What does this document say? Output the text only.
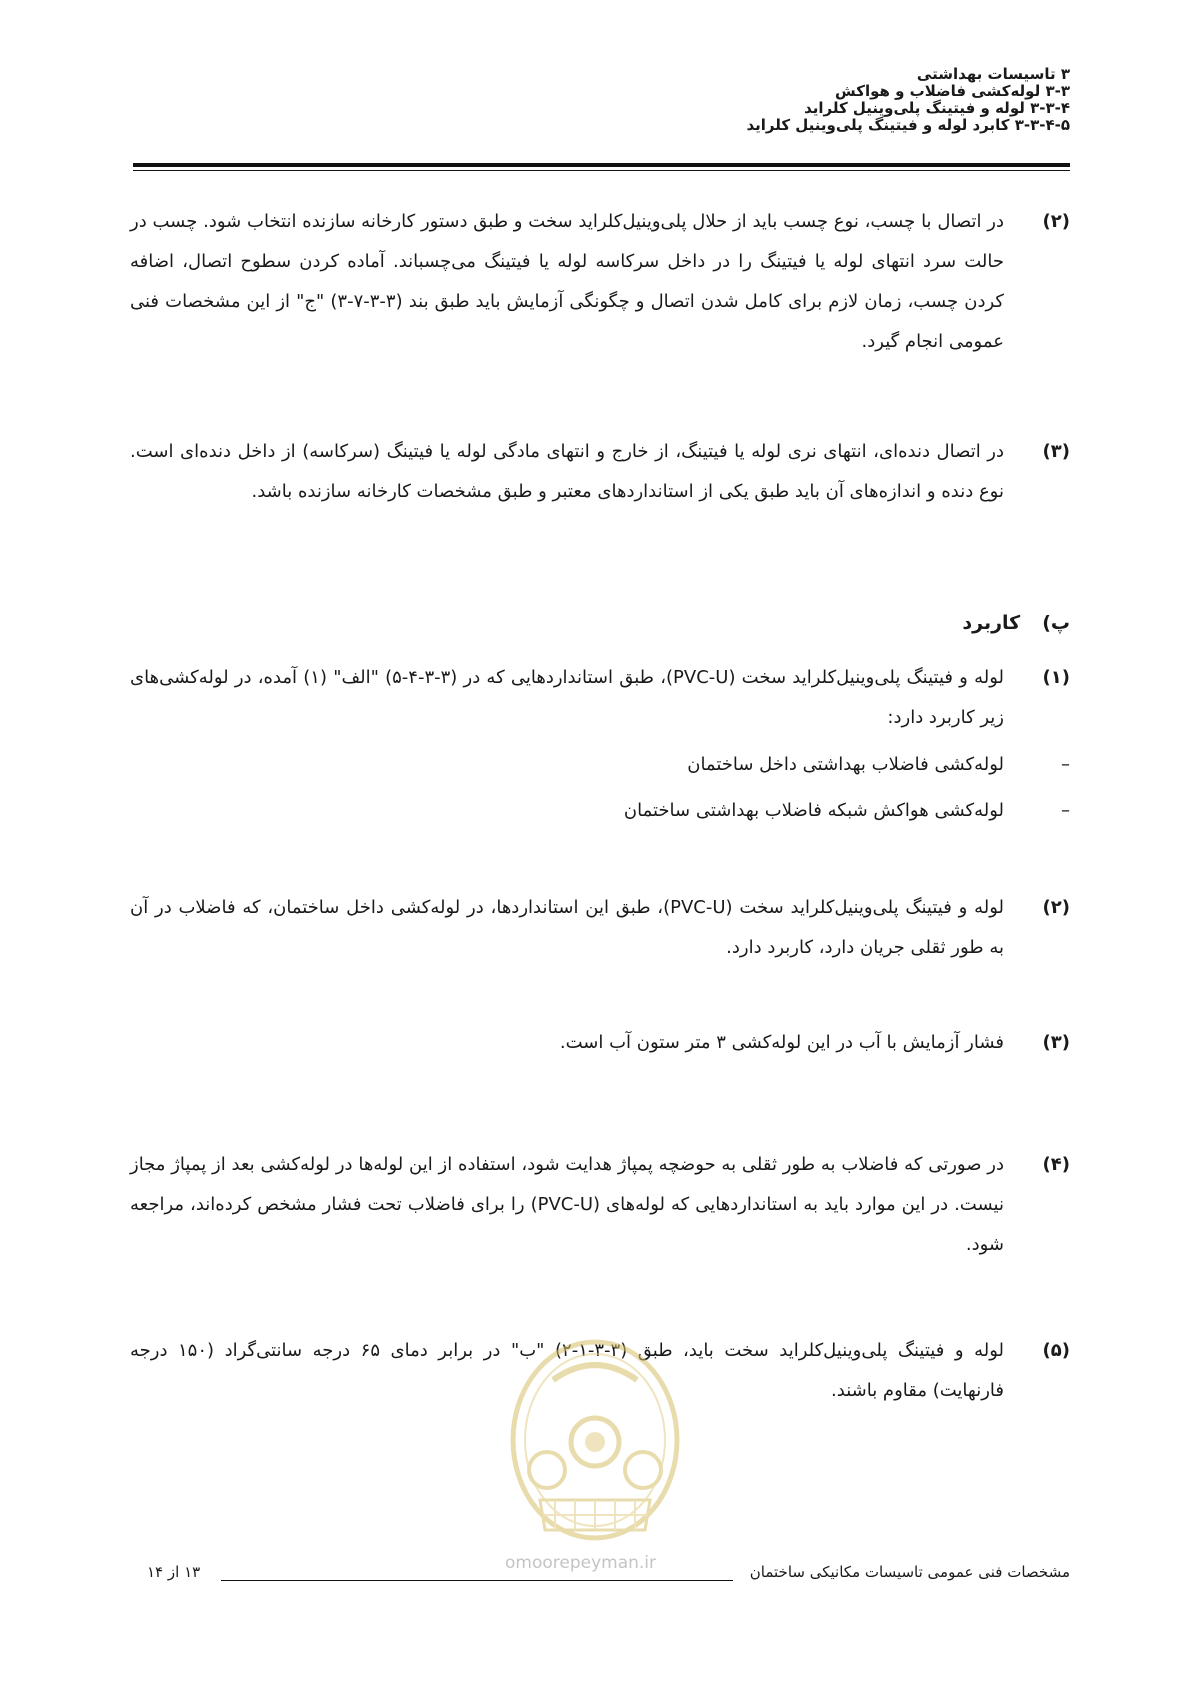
۳ تاسیسات بهداشتی
۳-۳ لوله‌کشی فاضلاب و هواکش
۳-۳-۴ لوله و فیتینگ پلی‌وینیل کلراید
۳-۳-۴-۵ کابرد لوله و فیتینگ پلی‌وینیل کلراید
(۲)
در اتصال با چسب، نوع چسب باید از حلال پلی‌وینیل‌کلراید سخت و طبق دستور کارخانه سازنده انتخاب شود. چسب در حالت سرد انتهای لوله یا فیتینگ را در داخل سرکاسه لوله یا فیتینگ می‌چسباند. آماده کردن سطوح اتصال، اضافه کردن چسب، زمان لازم برای کامل شدن اتصال و چگونگی آزمایش باید طبق بند (۳-۳-۷-۳) "ج" از این مشخصات فنی عمومی انجام گیرد.
(۳)
در اتصال دنده‌ای، انتهای نری لوله یا فیتینگ، از خارج و انتهای مادگی لوله یا فیتینگ (سرکاسه) از داخل دنده‌ای است. نوع دنده و اندازه‌های آن باید طبق یکی از استانداردهای معتبر و طبق مشخصات کارخانه سازنده باشد.
پ)کاربرد
(۱)
لوله و فیتینگ پلی‌وینیل‌کلراید سخت (PVC-U)، طبق استانداردهایی که در (۳-۳-۴-۵) "الف" (۱) آمده، در لوله‌کشی‌های زیر کاربرد دارد:
–لوله‌کشی فاضلاب بهداشتی داخل ساختمان
–لوله‌کشی هواکش شبکه فاضلاب بهداشتی ساختمان
(۲)
لوله و فیتینگ پلی‌وینیل‌کلراید سخت (PVC-U)، طبق این استانداردها، در لوله‌کشی داخل ساختمان، که فاضلاب در آن به طور ثقلی جریان دارد، کاربرد دارد.
(۳)
فشار آزمایش با آب در این لوله‌کشی ۳ متر ستون آب است.
(۴)
در صورتی که فاضلاب به طور ثقلی به حوضچه پمپاژ هدایت شود، استفاده از این لوله‌ها در لوله‌کشی بعد از پمپاژ مجاز نیست. در این موارد باید به استانداردهایی که لوله‌های (PVC-U) را برای فاضلاب تحت فشار مشخص کرده‌اند، مراجعه شود.
(۵)
لوله و فیتینگ پلی‌وینیل‌کلراید سخت باید، طبق (۳-۳-۱-۲) "ب" در برابر دمای ۶۵ درجه سانتی‌گراد (۱۵۰ درجه فارنهایت) مقاوم باشند.
omoorepeyman.ir	مشخصات فنی عمومی تاسیسات مکانیکی ساختمان
۱۳ از ۱۴
